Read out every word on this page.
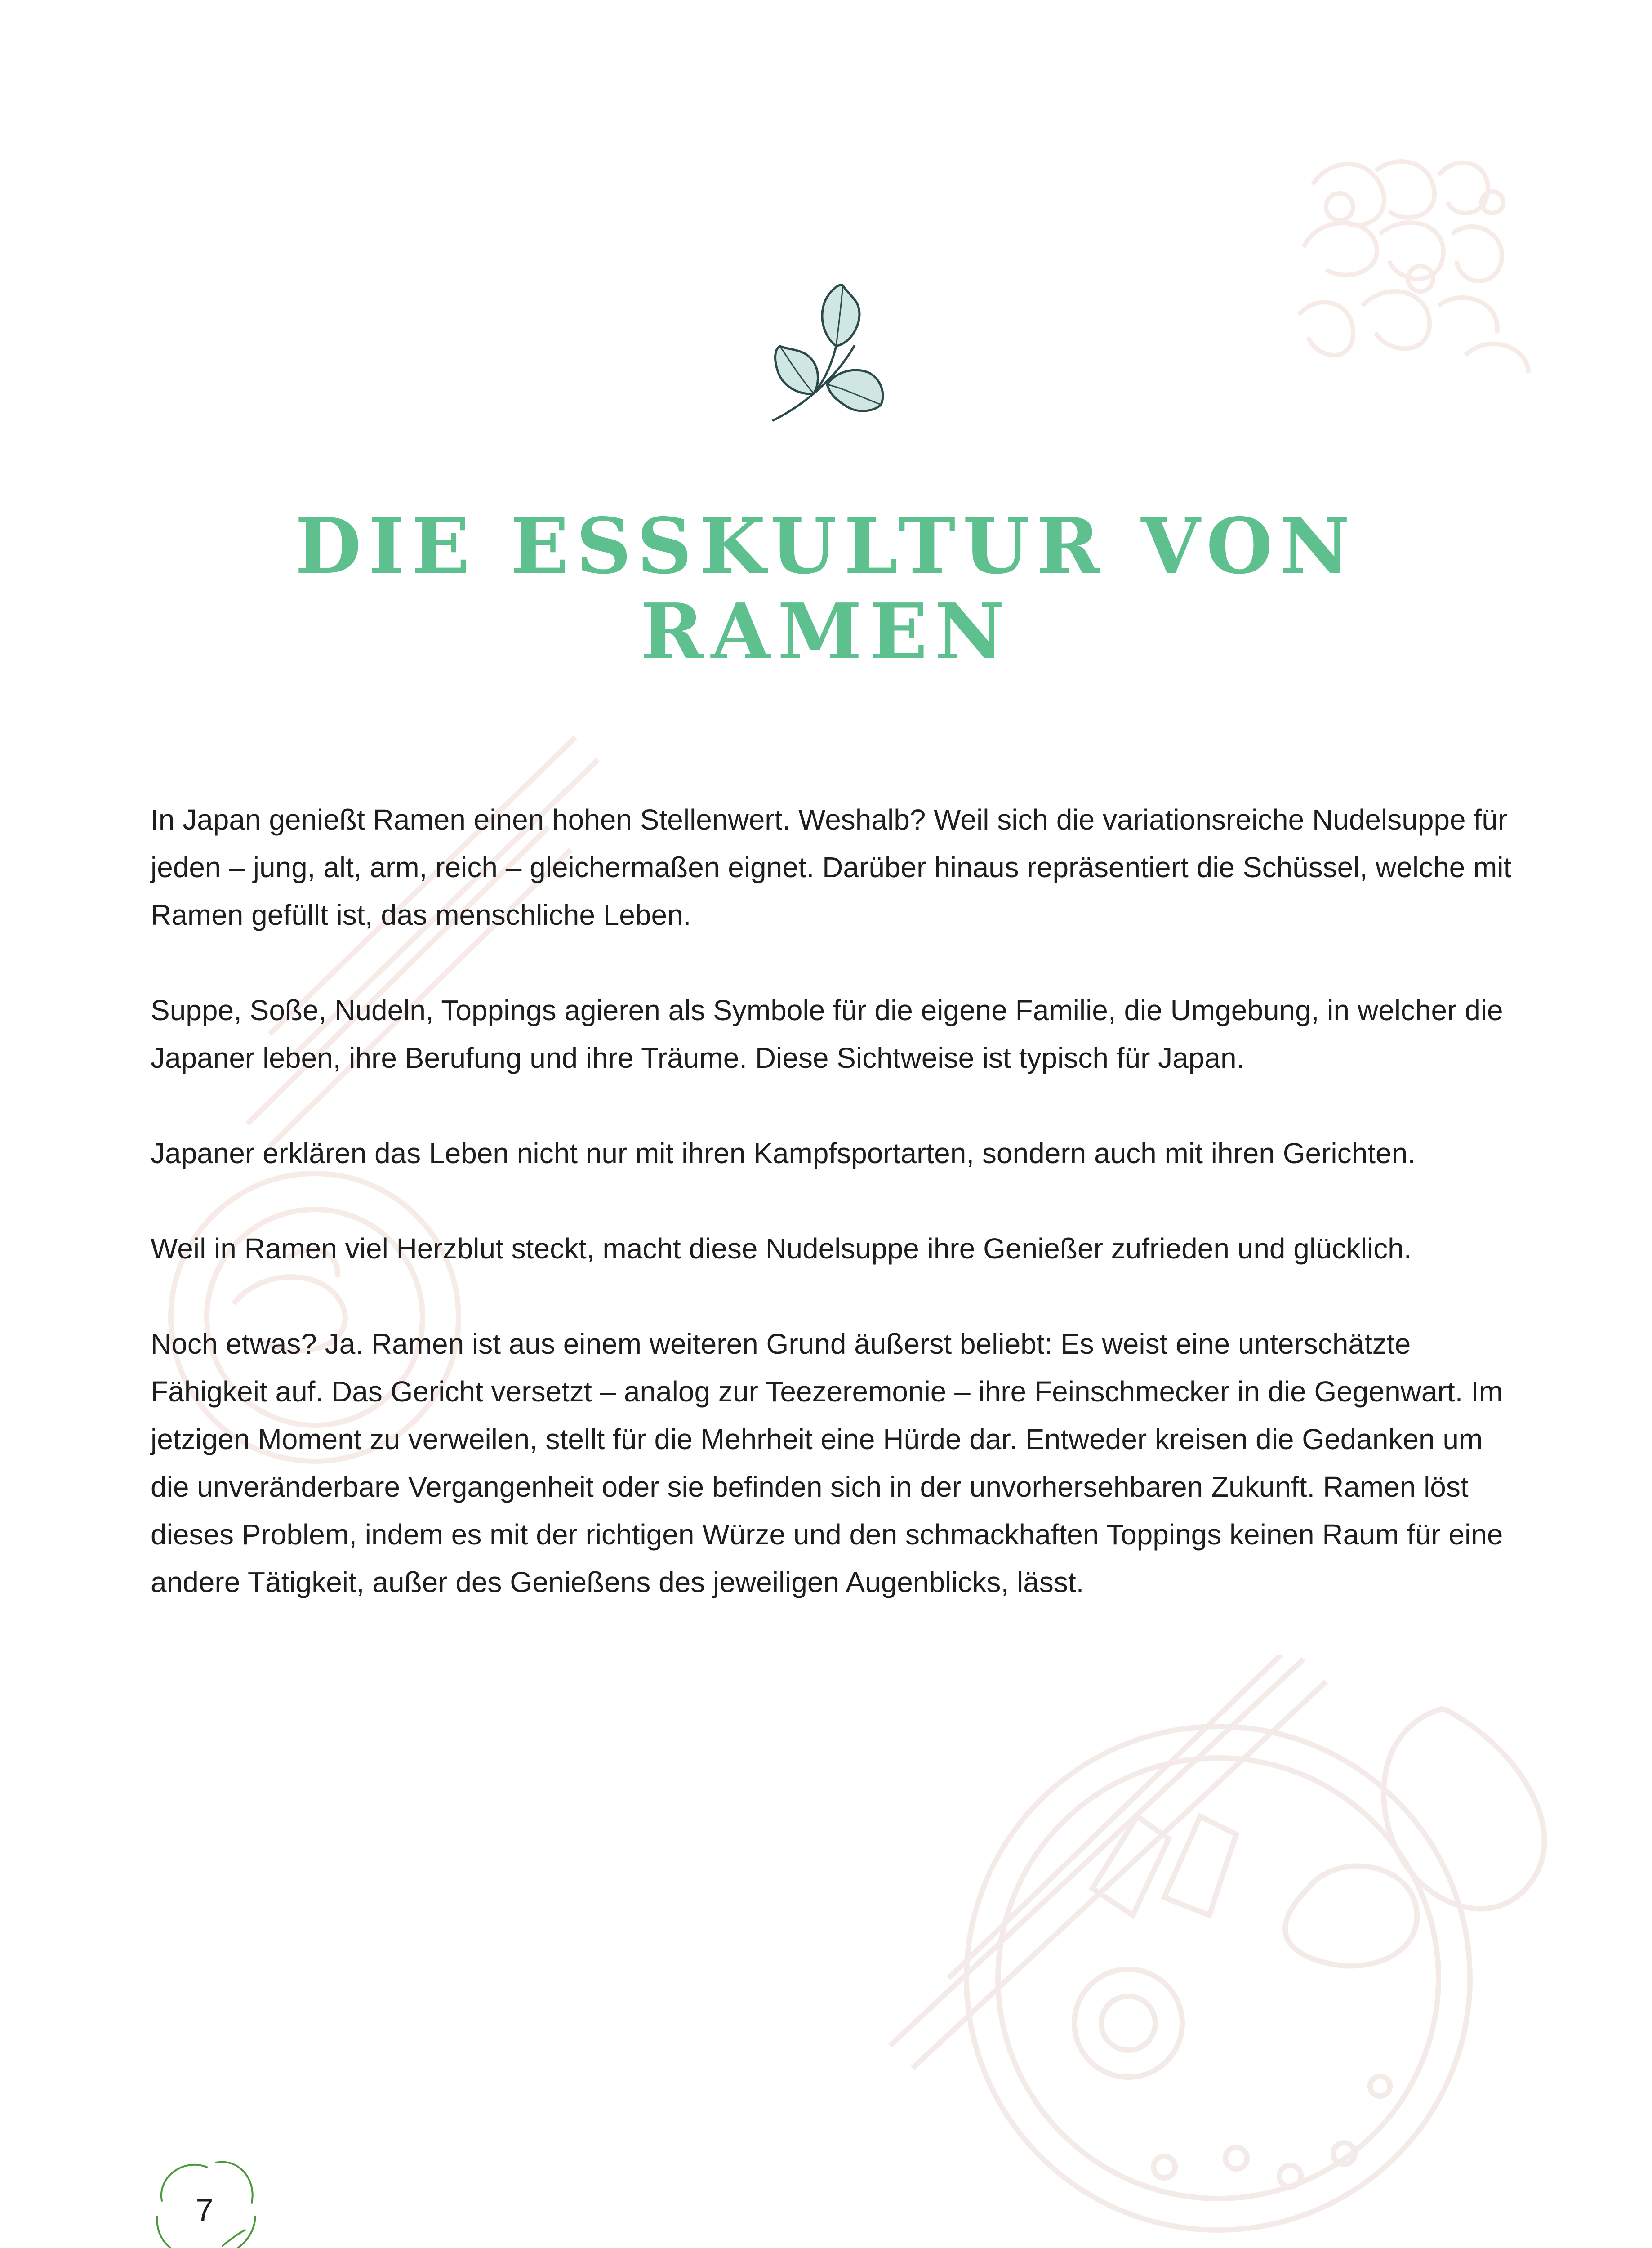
DIE ESSKULTUR VON
RAMEN

In Japan genießt Ramen einen hohen Stellenwert. Weshalb? Weil sich die variationsreiche Nudelsuppe für jeden – jung, alt, arm, reich – gleichermaßen eignet. Darüber hinaus repräsentiert die Schüssel, welche mit Ramen gefüllt ist, das menschliche Leben.

Suppe, Soße, Nudeln, Toppings agieren als Symbole für die eigene Familie, die Umgebung, in welcher die Japaner leben, ihre Berufung und ihre Träume. Diese Sichtweise ist typisch für Japan.

Japaner erklären das Leben nicht nur mit ihren Kampfsportarten, sondern auch mit ihren Gerichten.

Weil in Ramen viel Herzblut steckt, macht diese Nudelsuppe ihre Genießer zufrieden und glücklich.

Noch etwas? Ja. Ramen ist aus einem weiteren Grund äußerst beliebt: Es weist eine unterschätzte Fähigkeit auf. Das Gericht versetzt – analog zur Teezeremonie – ihre Feinschmecker in die Gegenwart. Im jetzigen Moment zu verweilen, stellt für die Mehrheit eine Hürde dar. Entweder kreisen die Gedanken um die unveränderbare Vergangenheit oder sie befinden sich in der unvorhersehbaren Zukunft. Ramen löst dieses Problem, indem es mit der richtigen Würze und den schmackhaften Toppings keinen Raum für eine andere Tätigkeit, außer des Genießens des jeweiligen Augenblicks, lässt.

7
